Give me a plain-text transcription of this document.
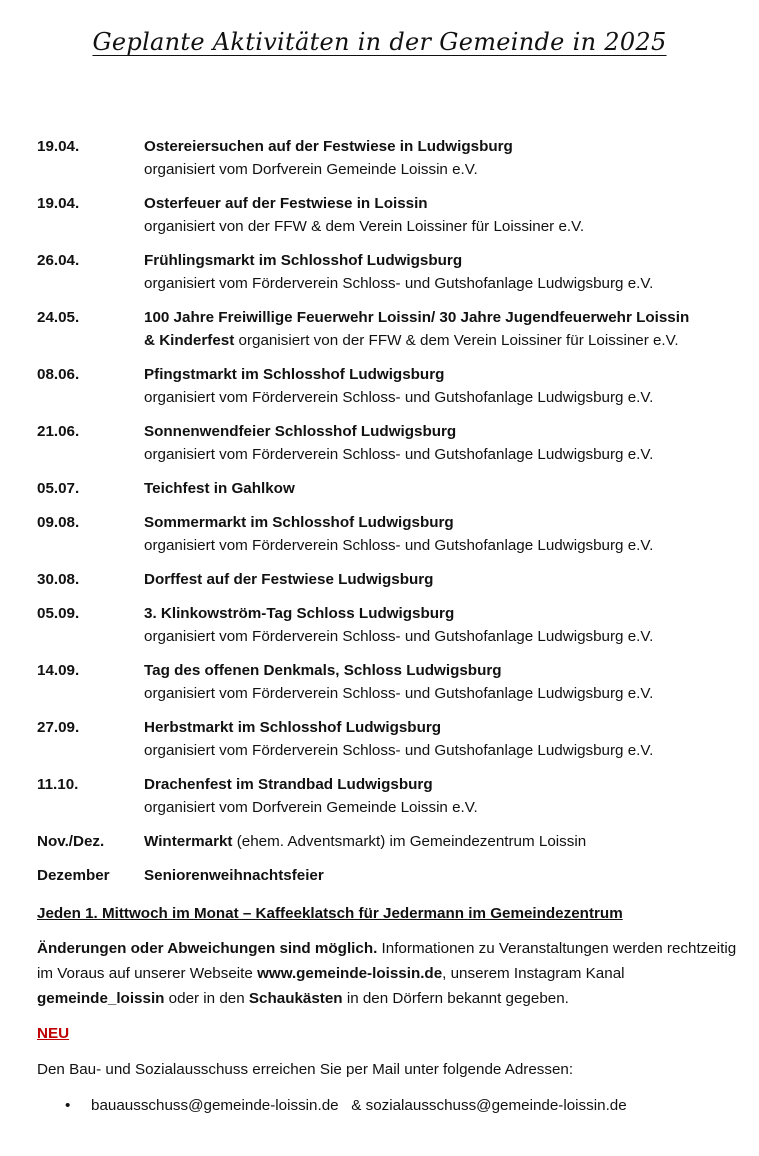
Geplante Aktivitäten in der Gemeinde in 2025
19.04.	Ostereiersuchen auf der Festwiese in Ludwigsburg
organisiert vom Dorfverein Gemeinde Loissin e.V.
19.04.	Osterfeuer auf der Festwiese in Loissin
organisiert von der FFW & dem Verein Loissiner für Loissiner e.V.
26.04.	Frühlingsmarkt im Schlosshof Ludwigsburg
organisiert vom Förderverein Schloss- und Gutshofanlage Ludwigsburg e.V.
24.05.	100 Jahre Freiwillige Feuerwehr Loissin/ 30 Jahre Jugendfeuerwehr Loissin
& Kinderfest organisiert von der FFW & dem Verein Loissiner für Loissiner e.V.
08.06.	Pfingstmarkt im Schlosshof Ludwigsburg
organisiert vom Förderverein Schloss- und Gutshofanlage Ludwigsburg e.V.
21.06.	Sonnenwendfeier Schlosshof Ludwigsburg
organisiert vom Förderverein Schloss- und Gutshofanlage Ludwigsburg e.V.
05.07.	Teichfest in Gahlkow
09.08.	Sommermarkt im Schlosshof Ludwigsburg
organisiert vom Förderverein Schloss- und Gutshofanlage Ludwigsburg e.V.
30.08.	Dorffest auf der Festwiese Ludwigsburg
05.09.	3. Klinkowström-Tag Schloss Ludwigsburg
organisiert vom Förderverein Schloss- und Gutshofanlage Ludwigsburg e.V.
14.09.	Tag des offenen Denkmals, Schloss Ludwigsburg
organisiert vom Förderverein Schloss- und Gutshofanlage Ludwigsburg e.V.
27.09.	Herbstmarkt im Schlosshof Ludwigsburg
organisiert vom Förderverein Schloss- und Gutshofanlage Ludwigsburg e.V.
11.10.	Drachenfest im Strandbad Ludwigsburg
organisiert vom Dorfverein Gemeinde Loissin e.V.
Nov./Dez.	Wintermarkt (ehem. Adventsmarkt) im Gemeindezentrum Loissin
Dezember	Seniorenweihnachtsfeier
Jeden 1. Mittwoch im Monat – Kaffeeklatsch für Jedermann im Gemeindezentrum
Änderungen oder Abweichungen sind möglich. Informationen zu Veranstaltungen werden rechtzeitig im Voraus auf unserer Webseite www.gemeinde-loissin.de, unserem Instagram Kanal gemeinde_loissin oder in den Schaukästen in den Dörfern bekannt gegeben.
NEU
Den Bau- und Sozialausschuss erreichen Sie per Mail unter folgende Adressen:
•	bauausschuss@gemeinde-loissin.de   & sozialausschuss@gemeinde-loissin.de
